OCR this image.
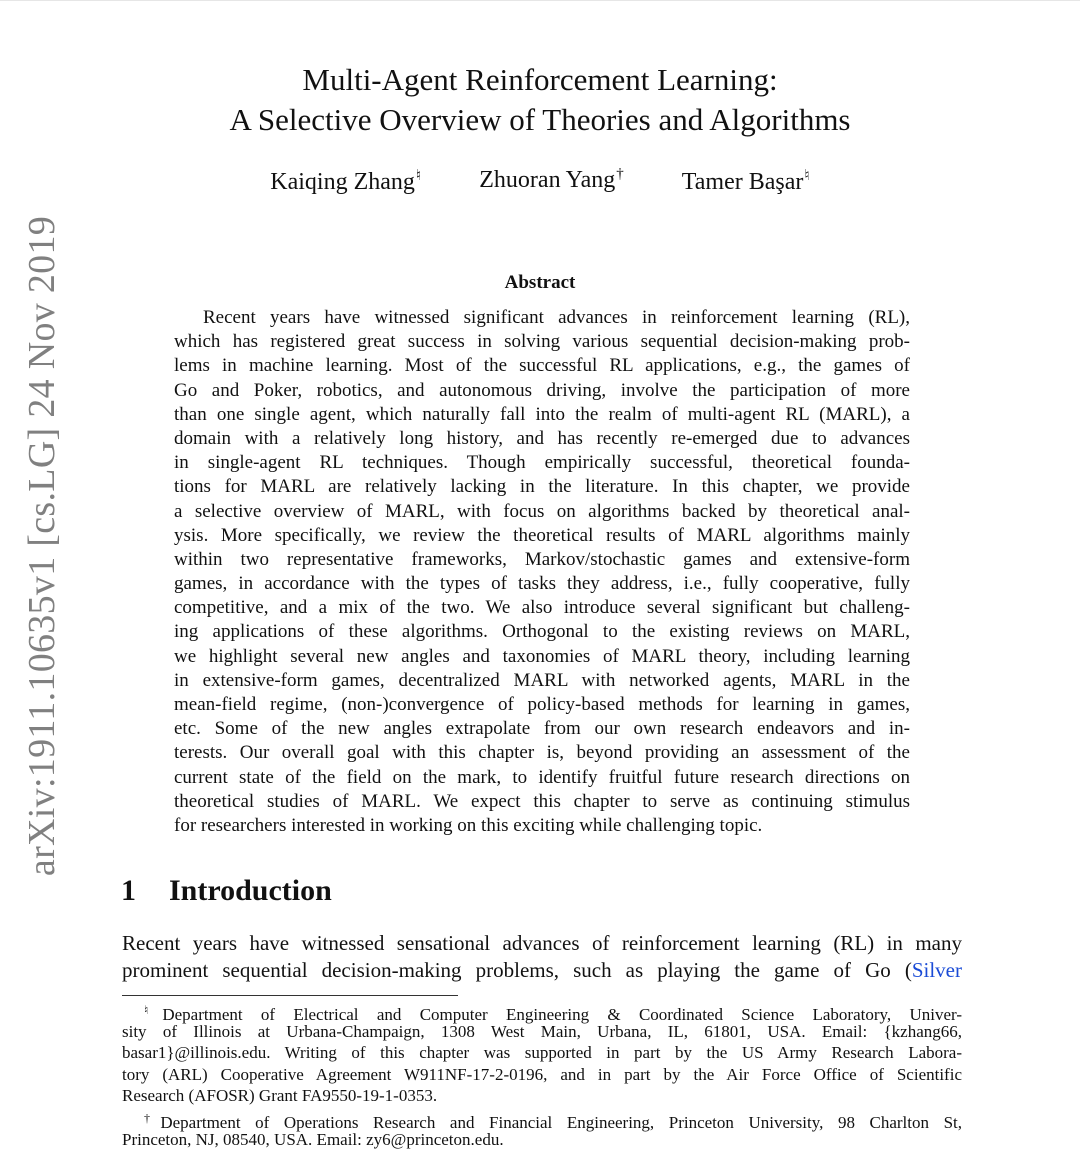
arXiv:1911.10635v1 [cs.LG] 24 Nov 2019
Multi-Agent Reinforcement Learning:
A Selective Overview of Theories and Algorithms
Kaiqing Zhang♮ Zhuoran Yang† Tamer Başar♮
Abstract
Recent years have witnessed significant advances in reinforcement learning (RL),
which has registered great success in solving various sequential decision-making prob-
lems in machine learning. Most of the successful RL applications, e.g., the games of
Go and Poker, robotics, and autonomous driving, involve the participation of more
than one single agent, which naturally fall into the realm of multi-agent RL (MARL), a
domain with a relatively long history, and has recently re-emerged due to advances
in single-agent RL techniques. Though empirically successful, theoretical founda-
tions for MARL are relatively lacking in the literature. In this chapter, we provide
a selective overview of MARL, with focus on algorithms backed by theoretical anal-
ysis. More specifically, we review the theoretical results of MARL algorithms mainly
within two representative frameworks, Markov/stochastic games and extensive-form
games, in accordance with the types of tasks they address, i.e., fully cooperative, fully
competitive, and a mix of the two. We also introduce several significant but challeng-
ing applications of these algorithms. Orthogonal to the existing reviews on MARL,
we highlight several new angles and taxonomies of MARL theory, including learning
in extensive-form games, decentralized MARL with networked agents, MARL in the
mean-field regime, (non-)convergence of policy-based methods for learning in games,
etc. Some of the new angles extrapolate from our own research endeavors and in-
terests. Our overall goal with this chapter is, beyond providing an assessment of the
current state of the field on the mark, to identify fruitful future research directions on
theoretical studies of MARL. We expect this chapter to serve as continuing stimulus
for researchers interested in working on this exciting while challenging topic.
1 Introduction
Recent years have witnessed sensational advances of reinforcement learning (RL) in many
prominent sequential decision-making problems, such as playing the game of Go (Silver
♮Department of Electrical and Computer Engineering & Coordinated Science Laboratory, Univer-
sity of Illinois at Urbana-Champaign, 1308 West Main, Urbana, IL, 61801, USA. Email: {kzhang66,
basar1}@illinois.edu. Writing of this chapter was supported in part by the US Army Research Labora-
tory (ARL) Cooperative Agreement W911NF-17-2-0196, and in part by the Air Force Office of Scientific
Research (AFOSR) Grant FA9550-19-1-0353.
†Department of Operations Research and Financial Engineering, Princeton University, 98 Charlton St,
Princeton, NJ, 08540, USA. Email: zy6@princeton.edu.
